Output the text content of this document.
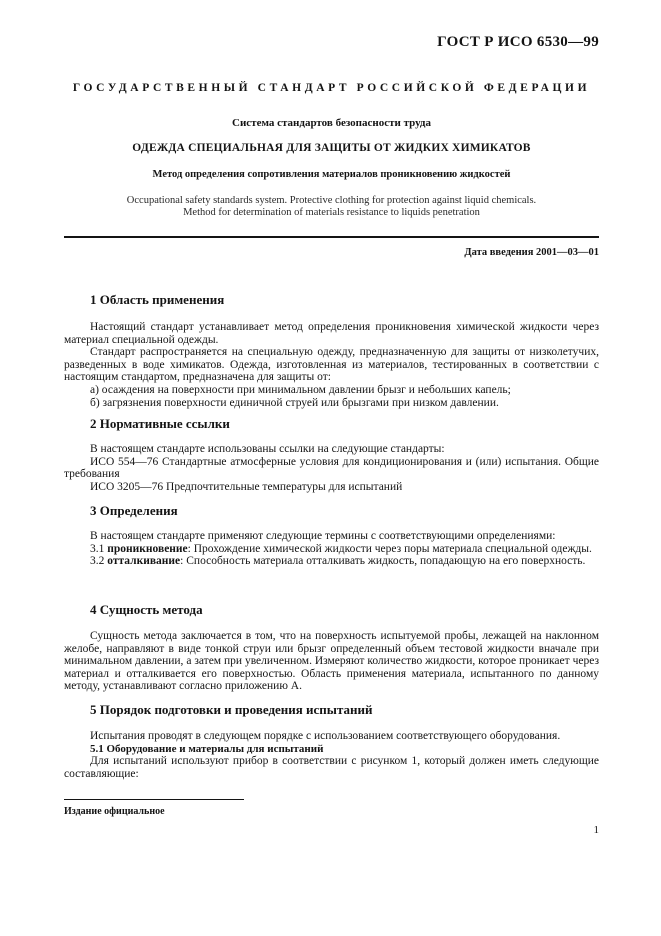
ГОСТ Р ИСО 6530—99
ГОСУДАРСТВЕННЫЙ СТАНДАРТ РОССИЙСКОЙ ФЕДЕРАЦИИ
Система стандартов безопасности труда
ОДЕЖДА СПЕЦИАЛЬНАЯ ДЛЯ ЗАЩИТЫ ОТ ЖИДКИХ ХИМИКАТОВ
Метод определения сопротивления материалов проникновению жидкостей
Occupational safety standards system. Protective clothing for protection against liquid chemicals.
Method for determination of materials resistance to liquids penetration
Дата введения 2001—03—01
1 Область применения

Настоящий стандарт устанавливает метод определения проникновения химической жидкости через материал специальной одежды.

Стандарт распространяется на специальную одежду, предназначенную для защиты от низколетучих, разведенных в воде химикатов. Одежда, изготовленная из материалов, тестированных в соответствии с настоящим стандартом, предназначена для защиты от:

а) осаждения на поверхности при минимальном давлении брызг и небольших капель;

б) загрязнения поверхности единичной струей или брызгами при низком давлении.

2 Нормативные ссылки

В настоящем стандарте использованы ссылки на следующие стандарты:

ИСО 554—76 Стандартные атмосферные условия для кондиционирования и (или) испытания. Общие требования

ИСО 3205—76 Предпочтительные температуры для испытаний

3 Определения

В настоящем стандарте применяют следующие термины с соответствующими определениями:

3.1 проникновение: Прохождение химической жидкости через поры материала специальной одежды.

3.2 отталкивание: Способность материала отталкивать жидкость, попадающую на его поверхность.

4 Сущность метода

Сущность метода заключается в том, что на поверхность испытуемой пробы, лежащей на наклонном желобе, направляют в виде тонкой струи или брызг определенный объем тестовой жидкости вначале при минимальном давлении, а затем при увеличенном. Измеряют количество жидкости, которое проникает через материал и отталкивается его поверхностью. Область применения материала, испытанного по данному методу, устанавливают согласно приложению А.

5 Порядок подготовки и проведения испытаний

Испытания проводят в следующем порядке с использованием соответствующего оборудования.

5.1 Оборудование и материалы для испытаний

Для испытаний используют прибор в соответствии с рисунком 1, который должен иметь следующие составляющие:

Издание официальное
1
